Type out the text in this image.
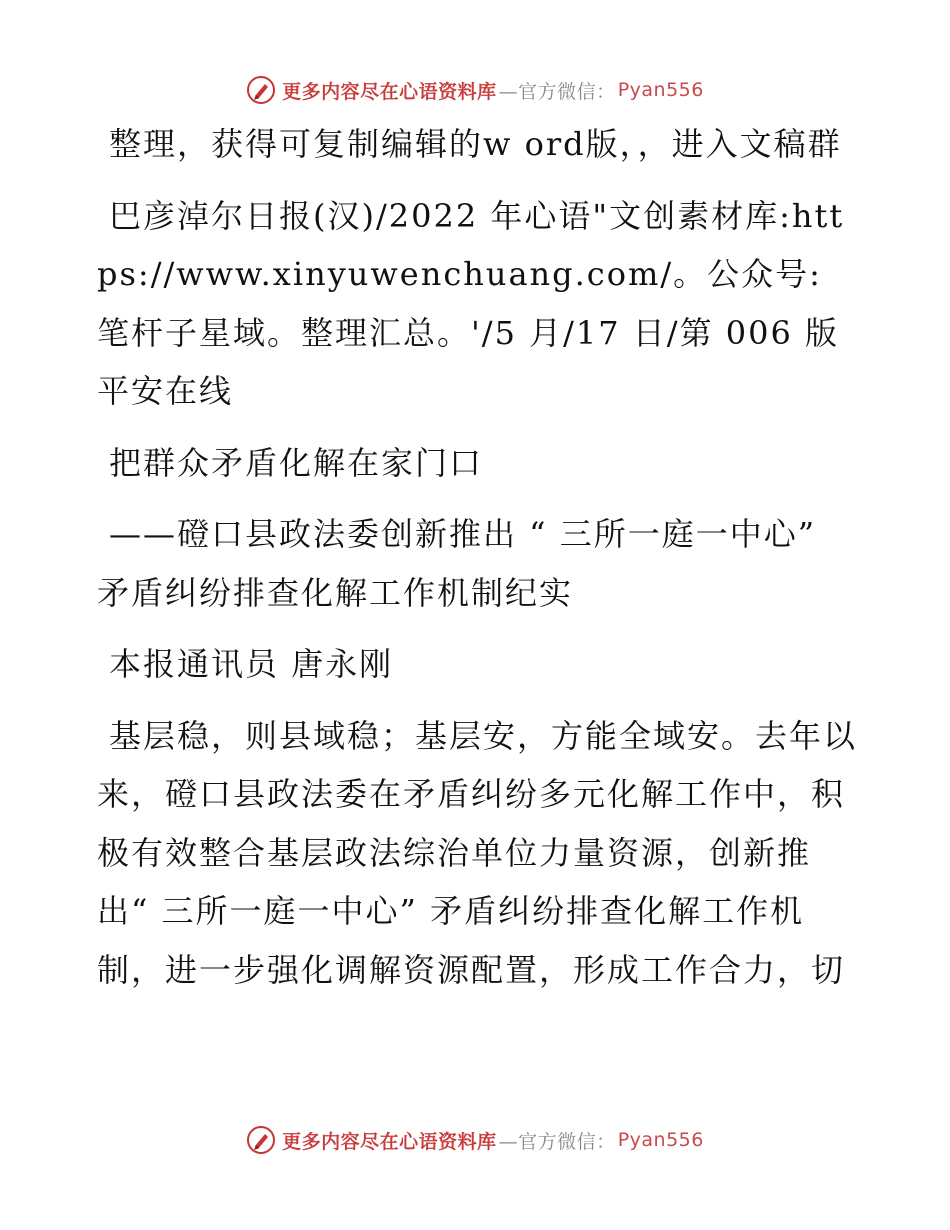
更多内容尽在心语资料库 —官方微信： Pyan556

整理，获得可复制编辑的w ord版，，进入文稿群

巴彦淖尔日报(汉)/2022 年心语"文创素材库:https://www.xinyuwenchuang.com/。公众号: 笔杆子星域。整理汇总。'/5 月/17 日/第 006 版平安在线

把群众矛盾化解在家门口

——磴口县政法委创新推出 “ 三所一庭一中心” 矛盾纠纷排查化解工作机制纪实

本报通讯员 唐永刚

基层稳，则县域稳；基层安，方能全域安。去年以来，磴口县政法委在矛盾纠纷多元化解工作中，积极有效整合基层政法综治单位力量资源，创新推出“ 三所一庭一中心” 矛盾纠纷排查化解工作机制，进一步强化调解资源配置，形成工作合力，切

更多内容尽在心语资料库 —官方微信： Pyan556
